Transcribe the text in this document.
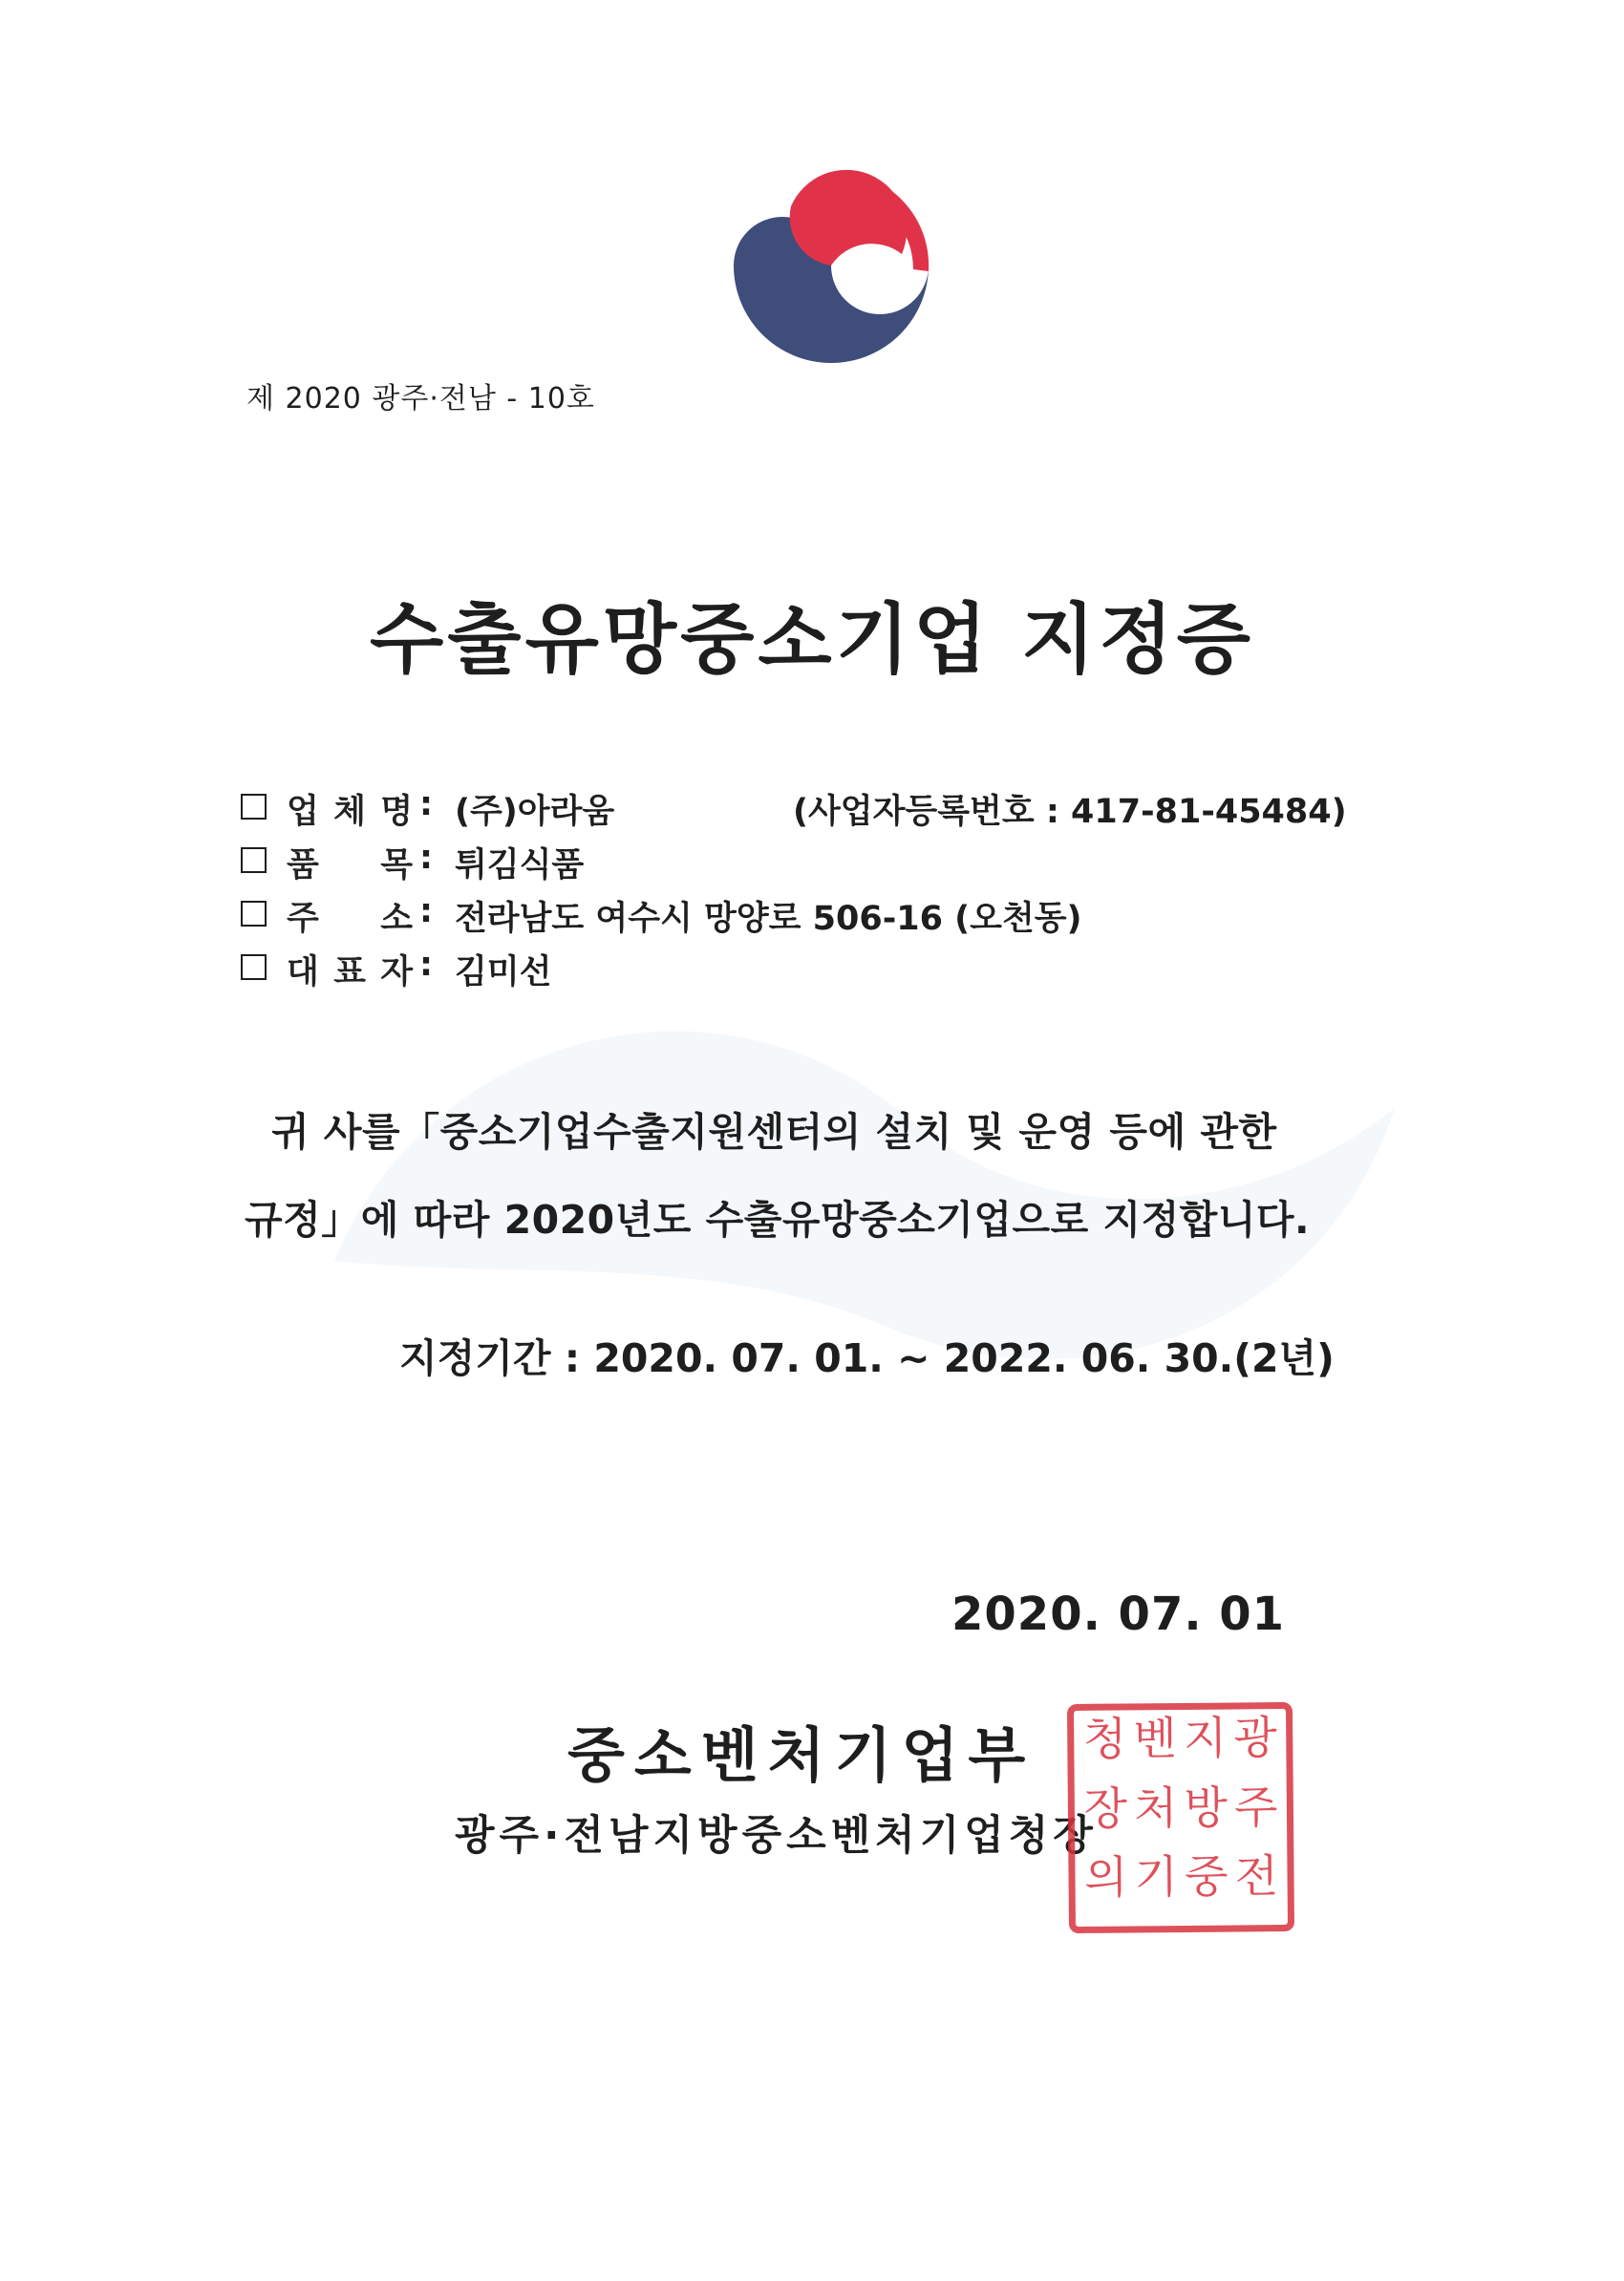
제 2020 광주·전남 - 10호
수출유망중소기업 지정증
업 체 명 : (주)아라움	(사업자등록번호 : 417-81-45484)
품 목 : 튀김식품
주 소 : 전라남도 여수시 망양로 506-16 (오천동)
대 표 자 : 김미선
귀 사를「중소기업수출지원센터의 설치 및 운영 등에 관한
규정」에 따라 2020년도 수출유망중소기업으로 지정합니다.
지정기간 : 2020. 07. 01. ~ 2022. 06. 30.(2년)
2020. 07. 01
중소벤처기업부
광주·전남지방중소벤처기업청장
광
지
벤
청
주
방
처
장
전
중
기
의
